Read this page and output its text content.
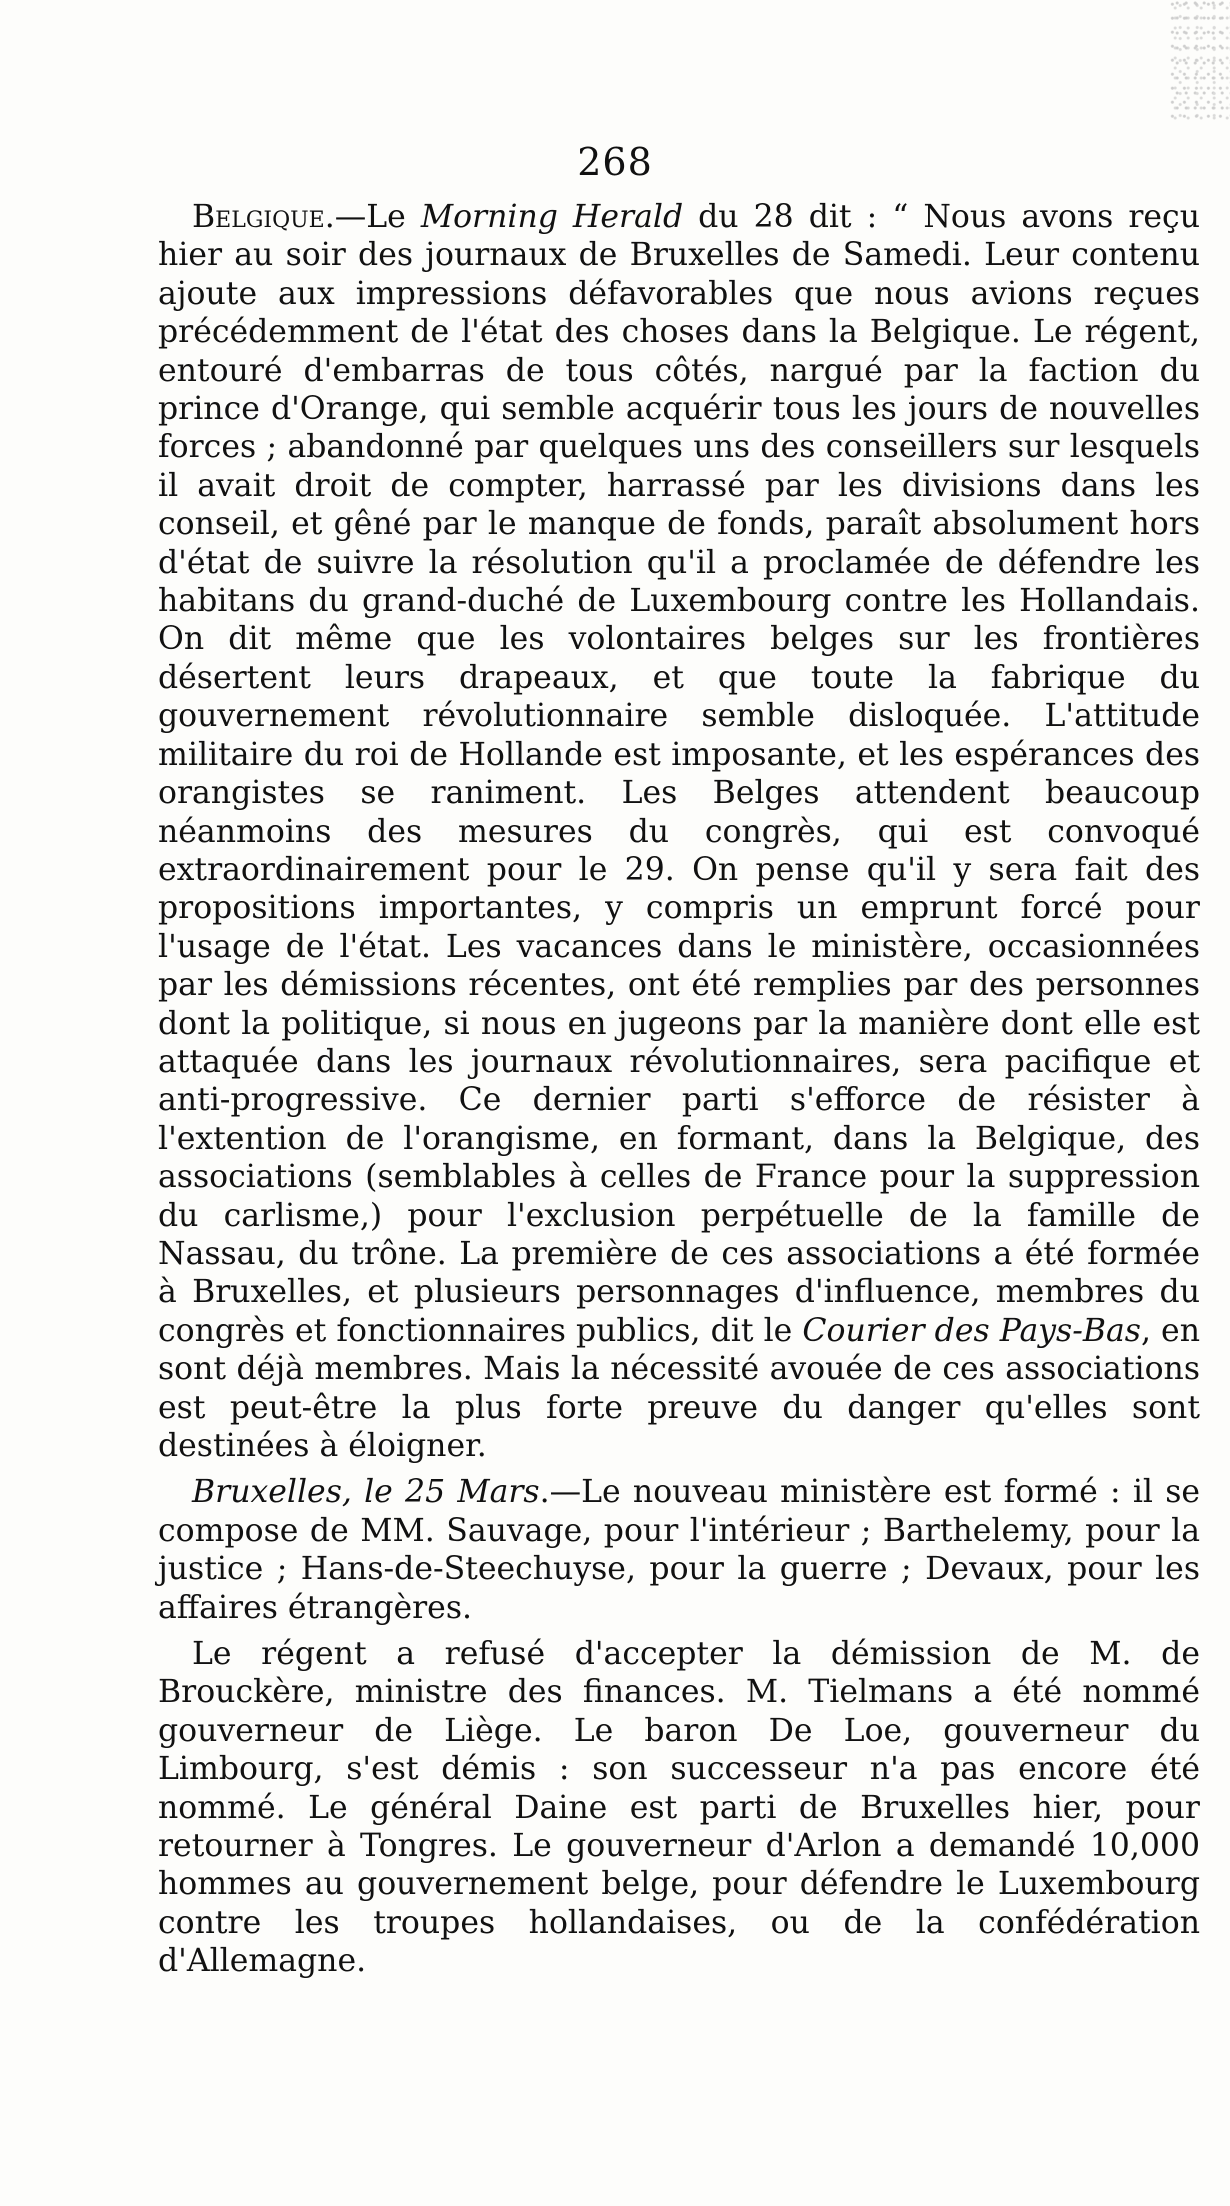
268

Belgique.—Le Morning Herald du 28 dit : “ Nous avons reçu hier au soir des journaux de Bruxelles de Samedi. Leur contenu ajoute aux impressions défavorables que nous avions reçues précédemment de l'état des choses dans la Belgique. Le régent, entouré d'embarras de tous côtés, nargué par la faction du prince d'Orange, qui semble acquérir tous les jours de nouvelles forces ; abandonné par quelques uns des conseillers sur lesquels il avait droit de compter, harrassé par les divisions dans les conseil, et gêné par le manque de fonds, paraît absolument hors d'état de suivre la résolution qu'il a proclamée de défendre les habitans du grand-duché de Luxembourg contre les Hollandais. On dit même que les volontaires belges sur les frontières désertent leurs drapeaux, et que toute la fabrique du gouvernement révolutionnaire semble disloquée. L'attitude militaire du roi de Hollande est imposante, et les espérances des orangistes se raniment. Les Belges attendent beaucoup néanmoins des mesures du congrès, qui est convoqué extraordinairement pour le 29. On pense qu'il y sera fait des propositions importantes, y compris un emprunt forcé pour l'usage de l'état. Les vacances dans le ministère, occasionnées par les démissions récentes, ont été remplies par des personnes dont la politique, si nous en jugeons par la manière dont elle est attaquée dans les journaux révolutionnaires, sera pacifique et anti-progressive. Ce dernier parti s'efforce de résister à l'extention de l'orangisme, en formant, dans la Belgique, des associations (semblables à celles de France pour la suppression du carlisme,) pour l'exclusion perpétuelle de la famille de Nassau, du trône. La première de ces associations a été formée à Bruxelles, et plusieurs personnages d'influence, membres du congrès et fonctionnaires publics, dit le Courier des Pays-Bas, en sont déjà membres. Mais la nécessité avouée de ces associations est peut-être la plus forte preuve du danger qu'elles sont destinées à éloigner.

Bruxelles, le 25 Mars.—Le nouveau ministère est formé : il se compose de MM. Sauvage, pour l'intérieur ; Barthelemy, pour la justice ; Hans-de-Steechuyse, pour la guerre ; Devaux, pour les affaires étrangères.

Le régent a refusé d'accepter la démission de M. de Brouckère, ministre des finances. M. Tielmans a été nommé gouverneur de Liège. Le baron De Loe, gouverneur du Limbourg, s'est démis : son successeur n'a pas encore été nommé. Le général Daine est parti de Bruxelles hier, pour retourner à Tongres. Le gouverneur d'Arlon a demandé 10,000 hommes au gouvernement belge, pour défendre le Luxembourg contre les troupes hollandaises, ou de la confédération d'Allemagne.
